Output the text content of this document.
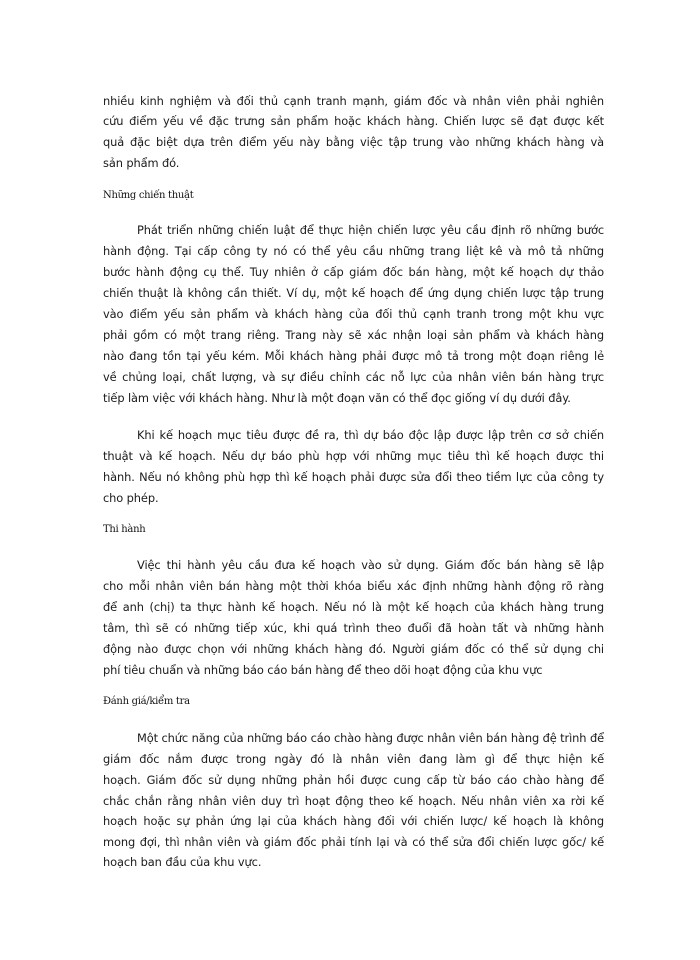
nhiều kinh nghiệm và đối thủ cạnh tranh mạnh, giám đốc và nhân viên phải nghiên
cứu điểm yếu về đặc trưng sản phẩm hoặc khách hàng. Chiến lược sẽ đạt được kết
quả đặc biệt dựa trên điểm yếu này bằng việc tập trung vào những khách hàng và
sản phẩm đó.
Những chiến thuật
Phát triển những chiến luật để thực hiện chiến lược yêu cầu định rõ những bước
hành động. Tại cấp công ty nó có thể yêu cầu những trang liệt kê và mô tả những
bước hành động cụ thể. Tuy nhiên ở cấp giám đốc bán hàng, một kế hoạch dự thảo
chiến thuật là không cần thiết. Ví dụ, một kế hoạch để ứng dụng chiến lược tập trung
vào điểm yếu sản phẩm và khách hàng của đối thủ cạnh tranh trong một khu vực
phải gồm có một trang riêng. Trang này sẽ xác nhận loại sản phẩm và khách hàng
nào đang tồn tại yếu kém. Mỗi khách hàng phải được mô tả trong một đoạn riêng lẻ
về chủng loại, chất lượng, và sự điều chỉnh các nỗ lực của nhân viên bán hàng trực
tiếp làm việc với khách hàng. Như là một đoạn văn có thể đọc giống ví dụ dưới đây.
Khi kế hoạch mục tiêu được đề ra, thì dự báo độc lập được lập trên cơ sở chiến
thuật và kế hoạch. Nếu dự báo phù hợp với những mục tiêu thì kế hoạch được thi
hành. Nếu nó không phù hợp thì kế hoạch phải được sửa đổi theo tiềm lực của công ty
cho phép.
Thi hành
Việc thi hành yêu cầu đưa kế hoạch vào sử dụng. Giám đốc bán hàng sẽ lập
cho mỗi nhân viên bán hàng một thời khóa biểu xác định những hành động rõ ràng
để anh (chị) ta thực hành kế hoạch. Nếu nó là một kế hoạch của khách hàng trung
tâm, thì sẽ có những tiếp xúc, khi quá trình theo đuổi đã hoàn tất và những hành
động nào được chọn với những khách hàng đó. Người giám đốc có thể sử dụng chi
phí tiêu chuẩn và những báo cáo bán hàng để theo dõi hoạt động của khu vực
Đánh giá/kiểm tra
Một chức năng của những báo cáo chào hàng được nhân viên bán hàng đệ trình để
giám đốc nắm được trong ngày đó là nhân viên đang làm gì để thực hiện kế
hoạch. Giám đốc sử dụng những phản hồi được cung cấp từ báo cáo chào hàng để
chắc chắn rằng nhân viên duy trì hoạt động theo kế hoạch. Nếu nhân viên xa rời kế
hoạch hoặc sự phản ứng lại của khách hàng đối với chiến lược/ kế hoạch là không
mong đợi, thì nhân viên và giám đốc phải tính lại và có thể sửa đổi chiến lược gốc/ kế
hoạch ban đầu của khu vực.
